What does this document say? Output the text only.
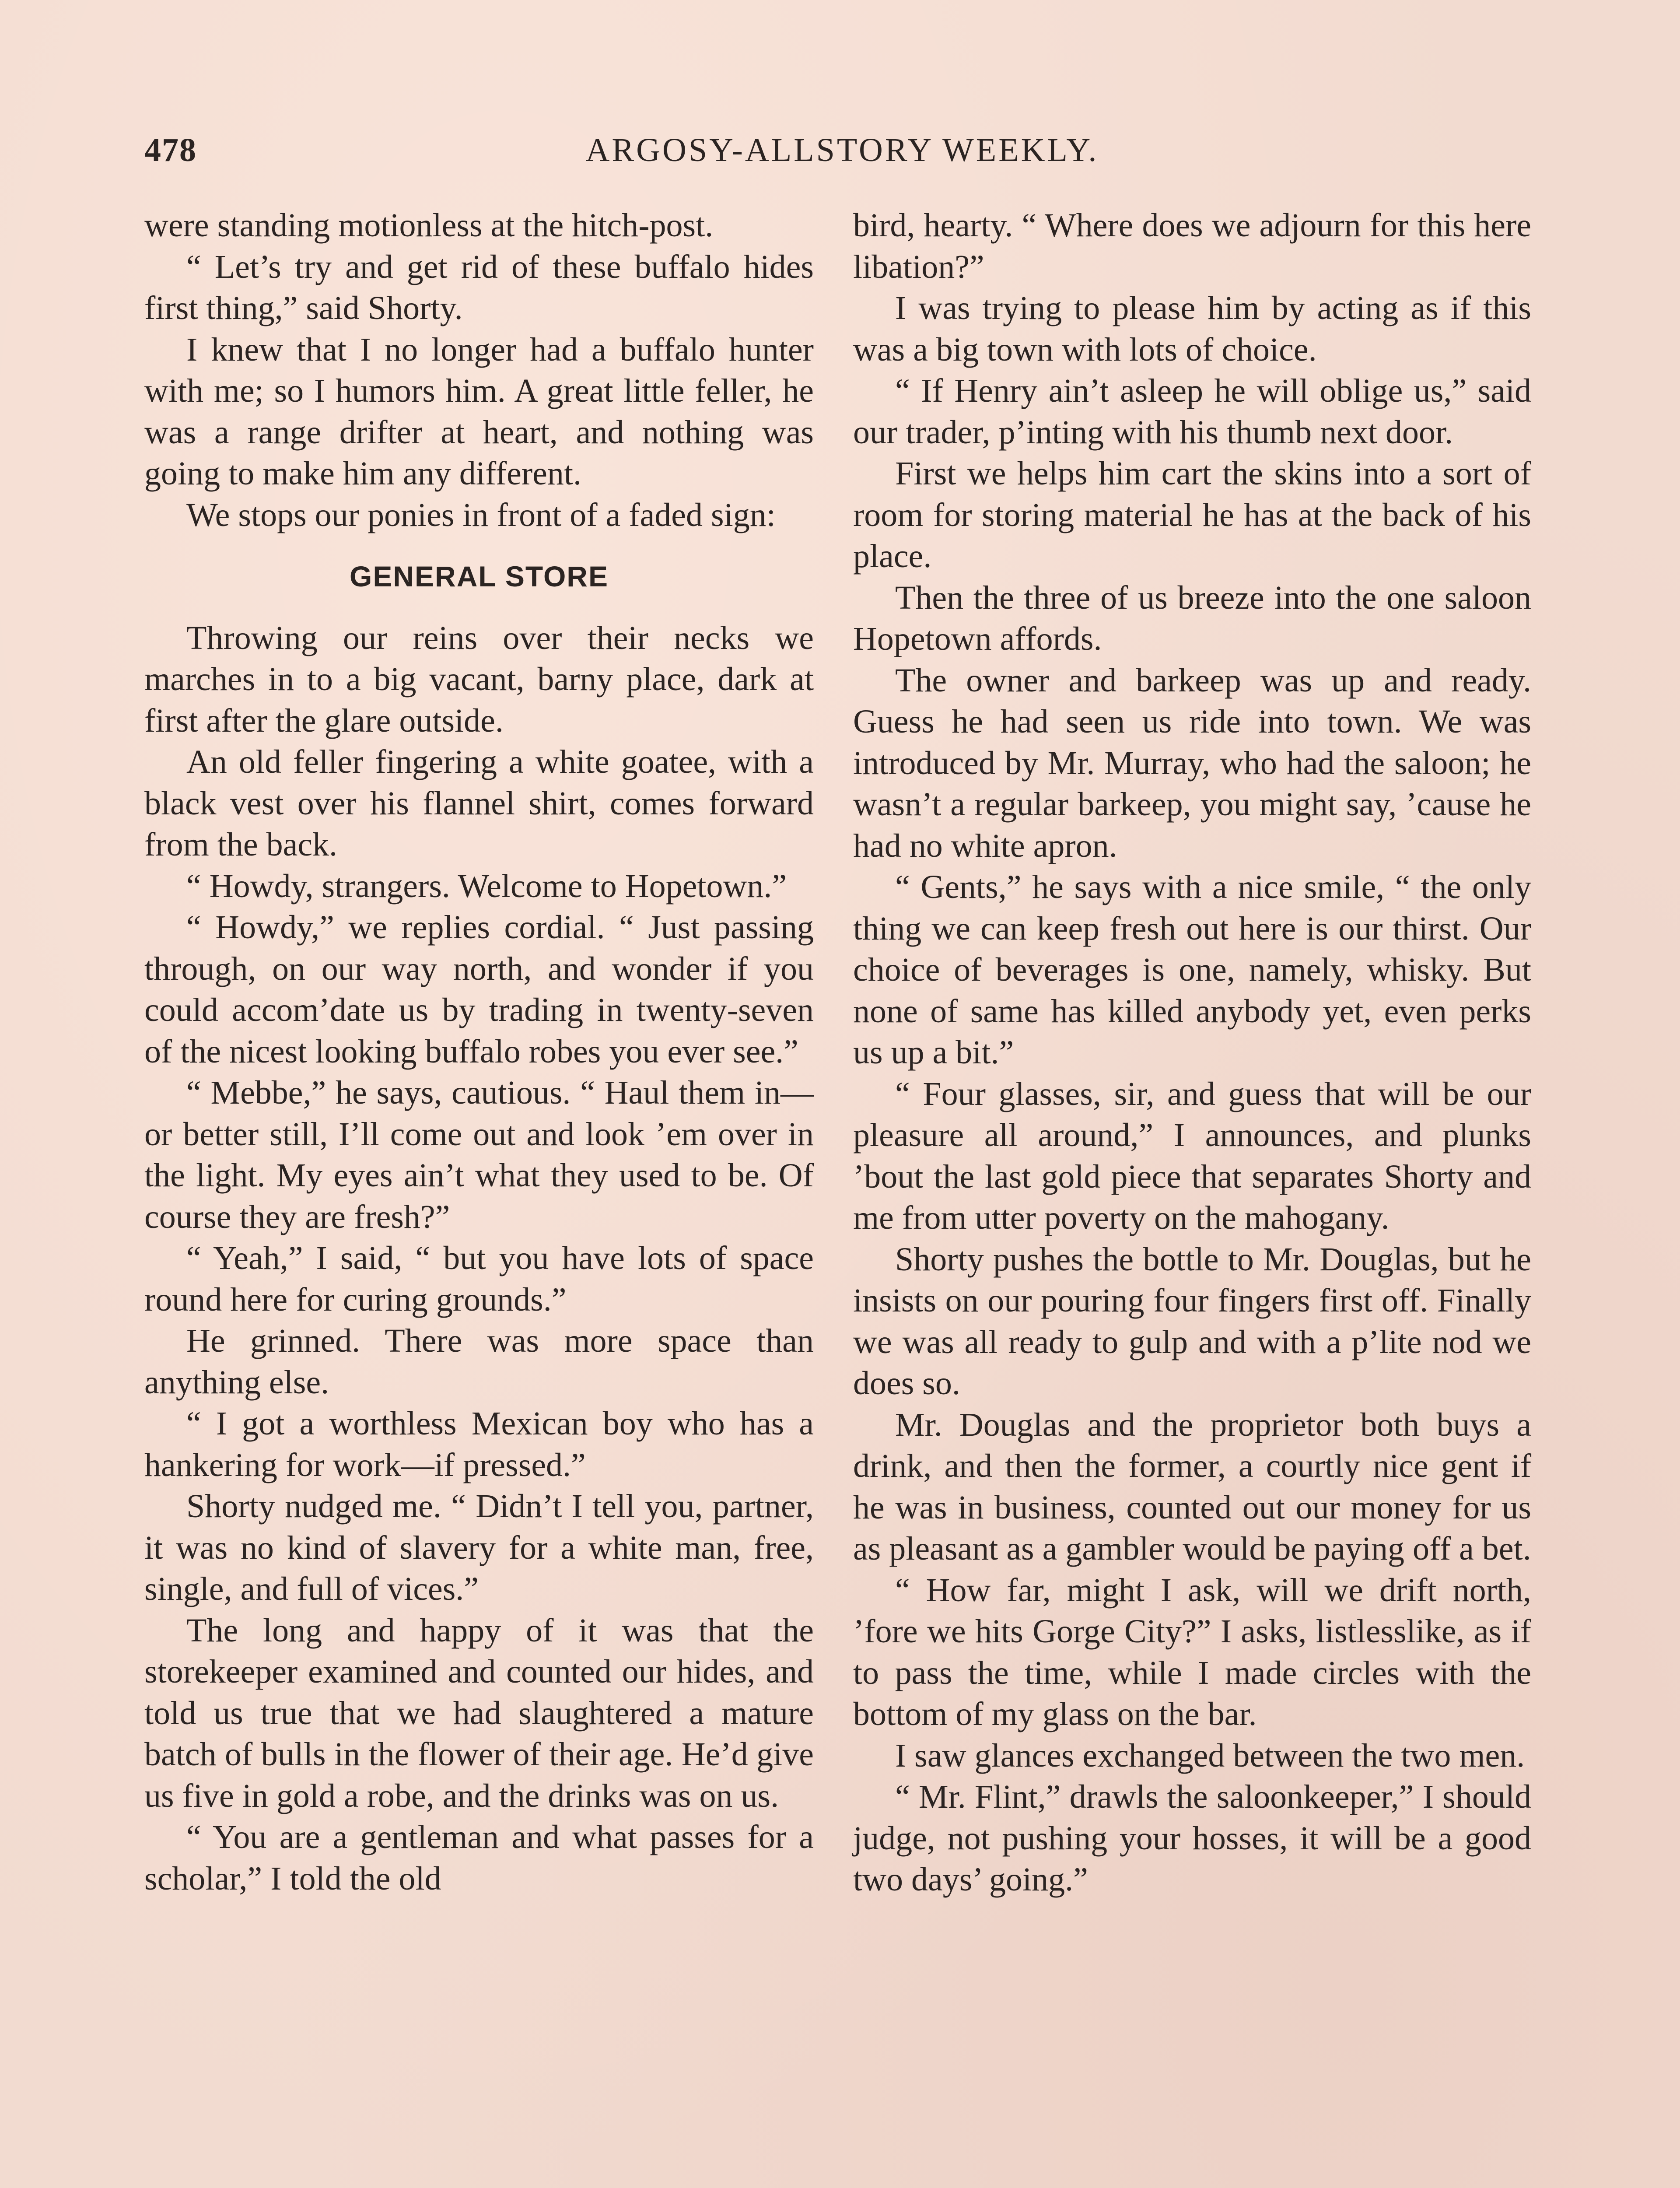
478	ARGOSY-ALLSTORY WEEKLY.

were standing motionless at the hitch-post.

“ Let’s try and get rid of these buffalo hides first thing,” said Shorty.

I knew that I no longer had a buffalo hunter with me; so I humors him. A great little feller, he was a range drifter at heart, and nothing was going to make him any different.

We stops our ponies in front of a faded sign:

GENERAL STORE

Throwing our reins over their necks we marches in to a big vacant, barny place, dark at first after the glare outside.

An old feller fingering a white goatee, with a black vest over his flannel shirt, comes forward from the back.

“ Howdy, strangers. Welcome to Hopetown.”

“ Howdy,” we replies cordial. “ Just passing through, on our way north, and wonder if you could accom’date us by trading in twenty-seven of the nicest looking buffalo robes you ever see.”

“ Mebbe,” he says, cautious. “ Haul them in—or better still, I’ll come out and look ’em over in the light. My eyes ain’t what they used to be. Of course they are fresh?”

“ Yeah,” I said, “ but you have lots of space round here for curing grounds.”

He grinned. There was more space than anything else.

“ I got a worthless Mexican boy who has a hankering for work—if pressed.”

Shorty nudged me. “ Didn’t I tell you, partner, it was no kind of slavery for a white man, free, single, and full of vices.”

The long and happy of it was that the storekeeper examined and counted our hides, and told us true that we had slaughtered a mature batch of bulls in the flower of their age. He’d give us five in gold a robe, and the drinks was on us.

“ You are a gentleman and what passes for a scholar,” I told the old

bird, hearty. “ Where does we adjourn for this here libation?”

I was trying to please him by acting as if this was a big town with lots of choice.

“ If Henry ain’t asleep he will oblige us,” said our trader, p’inting with his thumb next door.

First we helps him cart the skins into a sort of room for storing material he has at the back of his place.

Then the three of us breeze into the one saloon Hopetown affords.

The owner and barkeep was up and ready. Guess he had seen us ride into town. We was introduced by Mr. Murray, who had the saloon; he wasn’t a regular barkeep, you might say, ’cause he had no white apron.

“ Gents,” he says with a nice smile, “ the only thing we can keep fresh out here is our thirst. Our choice of beverages is one, namely, whisky. But none of same has killed anybody yet, even perks us up a bit.”

“ Four glasses, sir, and guess that will be our pleasure all around,” I announces, and plunks ’bout the last gold piece that separates Shorty and me from utter poverty on the mahogany.

Shorty pushes the bottle to Mr. Douglas, but he insists on our pouring four fingers first off. Finally we was all ready to gulp and with a p’lite nod we does so.

Mr. Douglas and the proprietor both buys a drink, and then the former, a courtly nice gent if he was in business, counted out our money for us as pleasant as a gambler would be paying off a bet.

“ How far, might I ask, will we drift north, ’fore we hits Gorge City?” I asks, listlesslike, as if to pass the time, while I made circles with the bottom of my glass on the bar.

I saw glances exchanged between the two men.

“ Mr. Flint,” drawls the saloonkeeper,” I should judge, not pushing your hosses, it will be a good two days’ going.”
